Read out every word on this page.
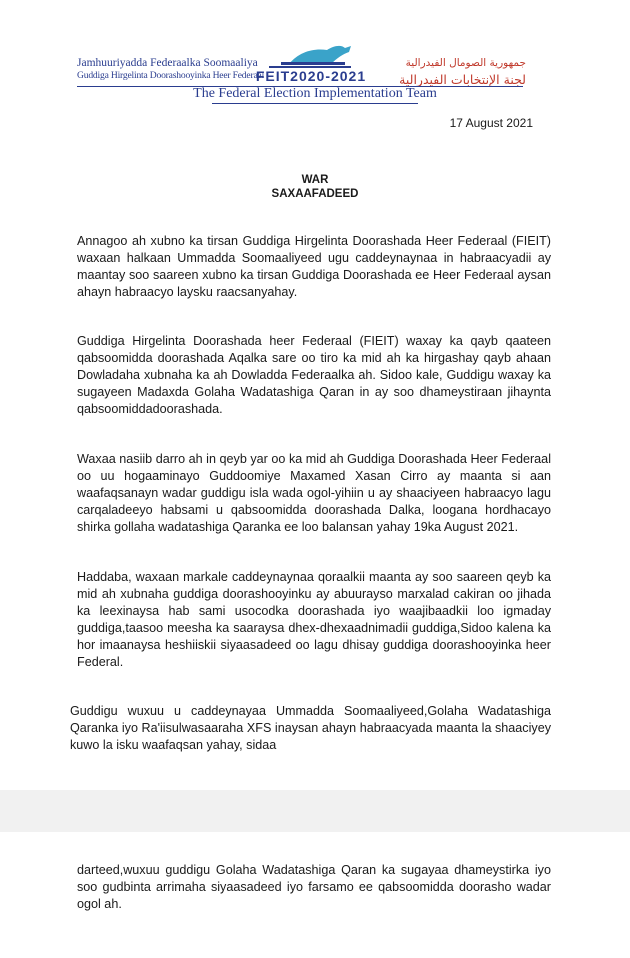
Jamhuuriyadda Federaalka Soomaaliya
Guddiga Hirgelinta Doorashooyinka Heer Federaal
FEIT2020-2021
جمهورية الصومال الفيدرالية
لجنة الإنتخابات الفيدرالية
The Federal Election Implementation Team
17 August 2021
WAR
SAXAAFADEED

Annagoo ah xubno ka tirsan Guddiga Hirgelinta Doorashada Heer Federaal (FIEIT) waxaan halkaan Ummadda Soomaaliyeed ugu caddeynaynaa in habraacyadii ay maantay soo saareen xubno ka tirsan Guddiga Doorashada ee Heer Federaal aysan ahayn habraacyo laysku raacsanyahay.

Guddiga Hirgelinta Doorashada heer Federaal (FIEIT) waxay ka qayb qaateen qabsoomidda doorashada Aqalka sare oo tiro ka mid ah ka hirgashay qayb ahaan Dowladaha xubnaha ka ah Dowladda Federaalka ah. Sidoo kale, Guddigu waxay ka sugayeen Madaxda Golaha Wadatashiga Qaran in ay soo dhameystiraan jihaynta qabsoomiddadoorashada.

Waxaa nasiib darro ah in qeyb yar oo ka mid ah Guddiga Doorashada Heer Federaal oo uu hogaaminayo Guddoomiye Maxamed Xasan Cirro ay maanta si aan waafaqsanayn wadar guddigu isla wada ogol-yihiin u ay shaaciyeen habraacyo lagu carqaladeeyo habsami u qabsoomidda doorashada Dalka, loogana hordhacayo shirka gollaha wadatashiga Qaranka ee loo balansan yahay 19ka August 2021.

Haddaba, waxaan markale caddeynaynaa qoraalkii maanta ay soo saareen qeyb ka mid ah xubnaha guddiga doorashooyinku ay abuurayso marxalad cakiran oo jihada ka leexinaysa hab sami usocodka doorashada iyo waajibaadkii loo igmaday guddiga,taasoo meesha ka saaraysa dhex-dhexaadnimadii guddiga,Sidoo kalena ka hor imaanaysa heshiiskii siyaasadeed oo lagu dhisay guddiga doorashooyinka heer Federal.

Guddigu wuxuu u caddeynayaa Ummadda Soomaaliyeed,Golaha Wadatashiga Qaranka iyo Ra'iisulwasaaraha XFS inaysan ahayn habraacyada maanta la shaaciyey kuwo la isku waafaqsan yahay, sidaa

darteed,wuxuu guddigu Golaha Wadatashiga Qaran ka sugayaa dhameystirka iyo soo gudbinta arrimaha siyaasadeed iyo farsamo ee qabsoomidda doorasho wadar ogol ah.
